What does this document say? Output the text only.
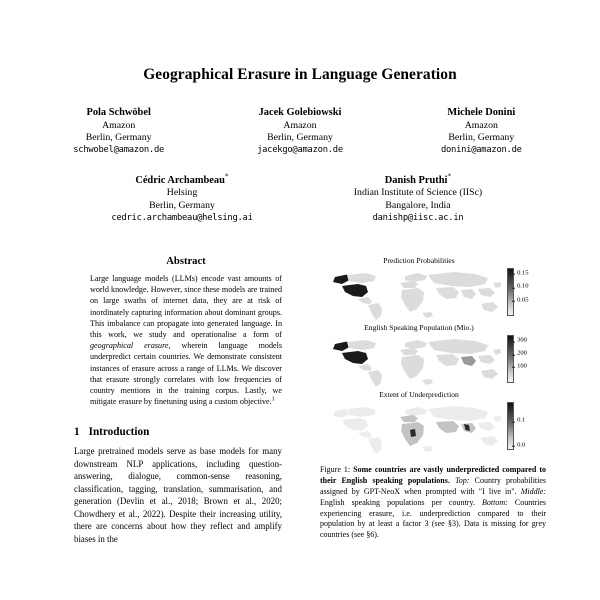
Geographical Erasure in Language Generation
Pola Schwöbel
Amazon
Berlin, Germany
schwobel@amazon.de
Jacek Golebiowski
Amazon
Berlin, Germany
jacekgo@amazon.de
Michele Donini
Amazon
Berlin, Germany
donini@amazon.de
Cédric Archambeau*
Helsing
Berlin, Germany
cedric.archambeau@helsing.ai
Danish Pruthi*
Indian Institute of Science (IISc)
Bangalore, India
danishp@iisc.ac.in
Abstract

Large language models (LLMs) encode vast amounts of world knowledge. However, since these models are trained on large swaths of internet data, they are at risk of inordinately capturing information about dominant groups. This imbalance can propagate into generated language. In this work, we study and operationalise a form of geographical erasure, wherein language models underpredict certain countries. We demonstrate consistent instances of erasure across a range of LLMs. We discover that erasure strongly correlates with low frequencies of country mentions in the training corpus. Lastly, we mitigate erasure by finetuning using a custom objective.$^1$

1 Introduction

Large pretrained models serve as base models for many downstream NLP applications, including question-answering, dialogue, common-sense reasoning, classification, tagging, translation, summarisation, and generation (Devlin et al., 2018; Brown et al., 2020; Chowdhery et al., 2022). Despite their increasing utility, there are concerns about how they reflect and amplify biases in the

Prediction Probabilities
0.15
0.10
0.05
English Speaking Population (Mio.)
300
200
100
Extent of Underprediction
0.1
0.0
Figure 1: Some countries are vastly underpredicted compared to their English speaking populations. Top: Country probabilities assigned by GPT-NeoX when prompted with "I live in". Middle: English speaking populations per country. Bottom: Countries experiencing erasure, i.e. underprediction compared to their population by at least a factor 3 (see §3). Data is missing for grey countries (see §6).
